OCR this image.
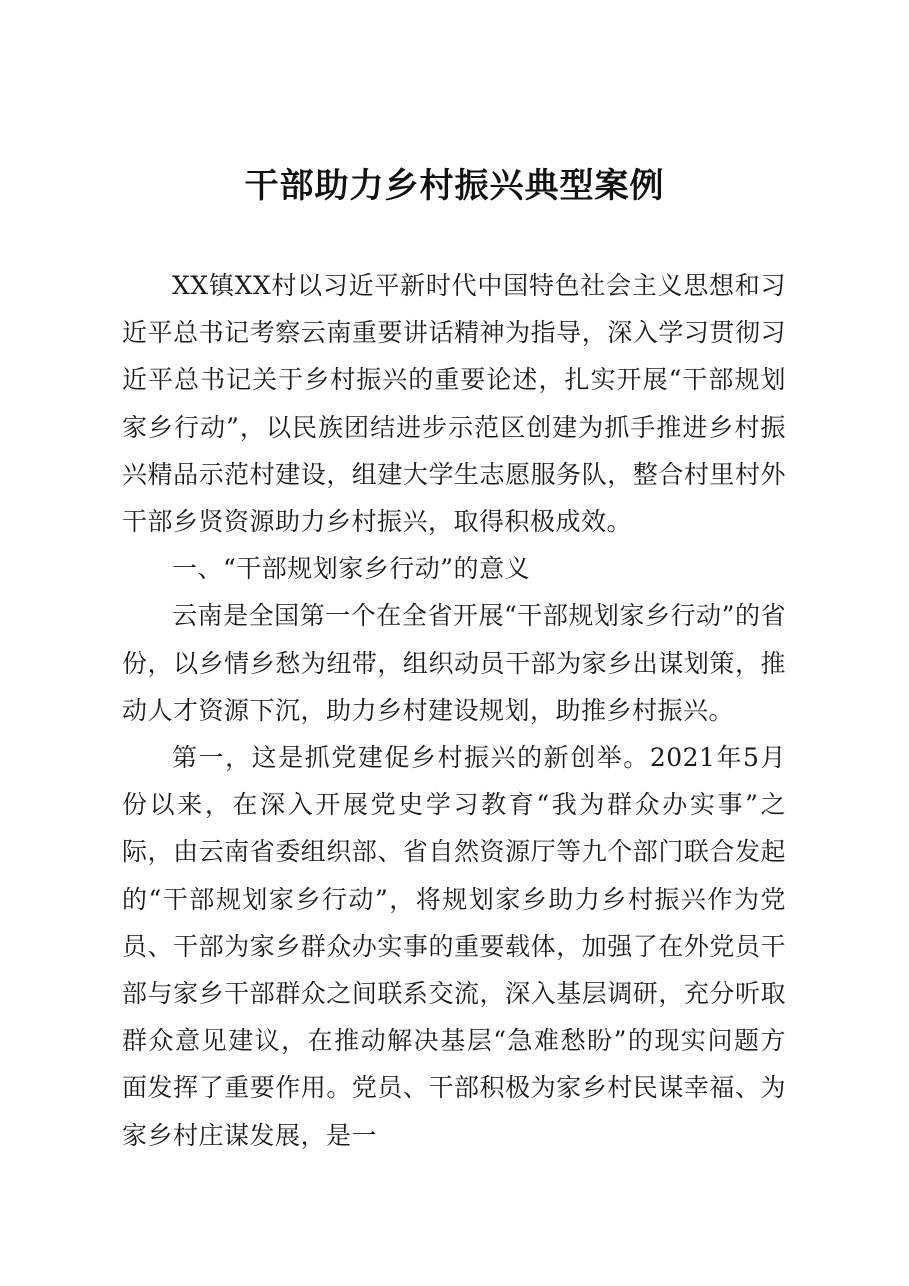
干部助力乡村振兴典型案例

XX镇XX村以习近平新时代中国特色社会主义思想和习近平总书记考察云南重要讲话精神为指导，深入学习贯彻习近平总书记关于乡村振兴的重要论述，扎实开展“干部规划家乡行动”，以民族团结进步示范区创建为抓手推进乡村振兴精品示范村建设，组建大学生志愿服务队，整合村里村外干部乡贤资源助力乡村振兴，取得积极成效。

一、“干部规划家乡行动”的意义

云南是全国第一个在全省开展“干部规划家乡行动”的省份，以乡情乡愁为纽带，组织动员干部为家乡出谋划策，推动人才资源下沉，助力乡村建设规划，助推乡村振兴。

第一，这是抓党建促乡村振兴的新创举。2021年5月份以来，在深入开展党史学习教育“我为群众办实事”之际，由云南省委组织部、省自然资源厅等九个部门联合发起的“干部规划家乡行动”，将规划家乡助力乡村振兴作为党员、干部为家乡群众办实事的重要载体，加强了在外党员干部与家乡干部群众之间联系交流，深入基层调研，充分听取群众意见建议，在推动解决基层“急难愁盼”的现实问题方面发挥了重要作用。党员、干部积极为家乡村民谋幸福、为家乡村庄谋发展，是一
